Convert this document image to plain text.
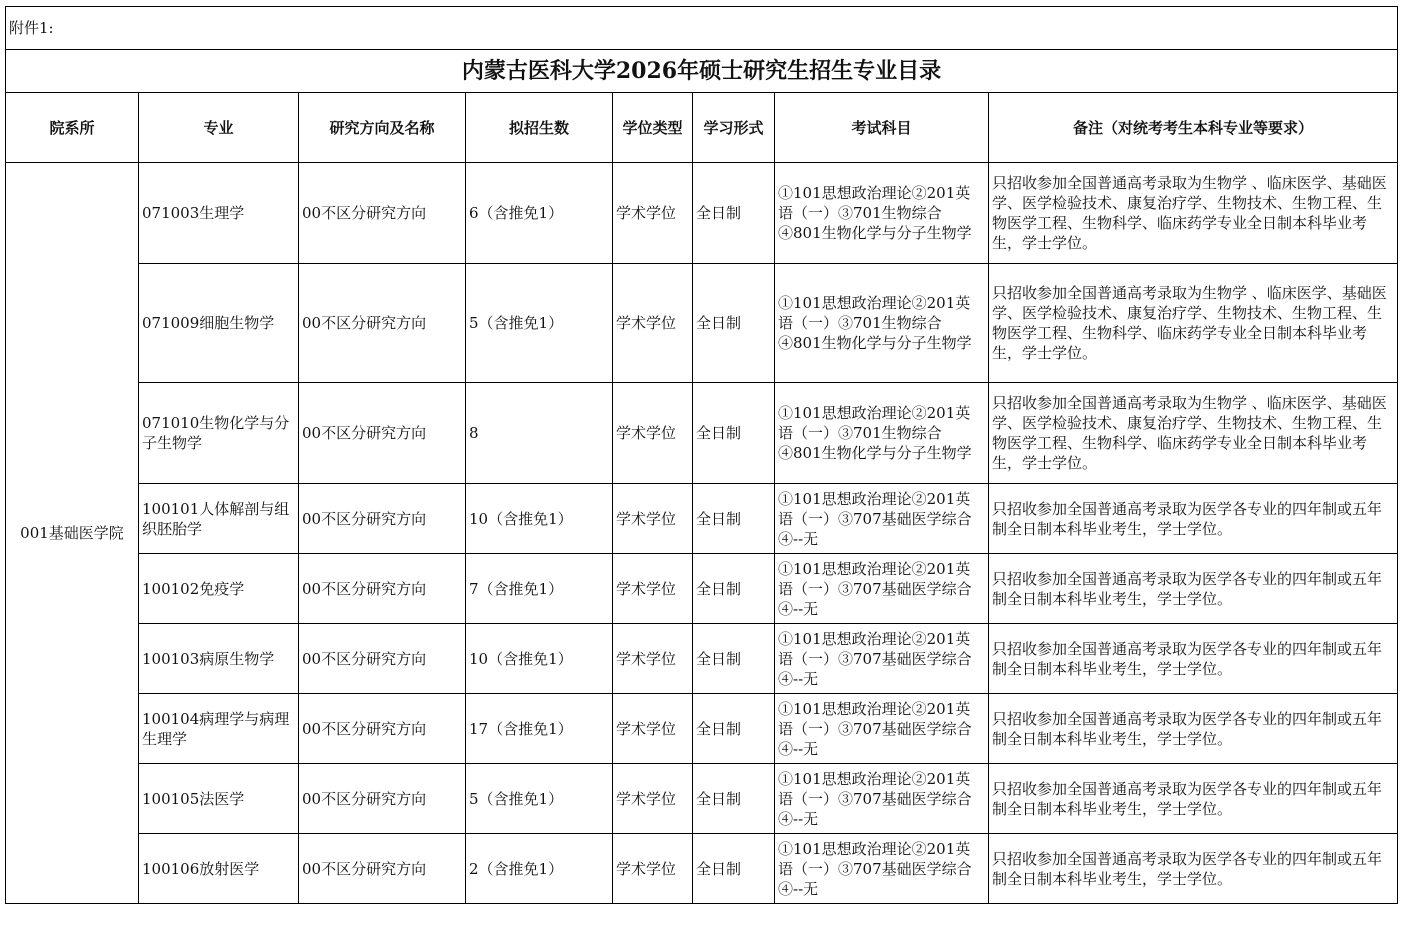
附件1:							
内蒙古医科大学2026年硕士研究生招生专业目录							
院系所	专业	研究方向及名称	拟招生数	学位类型	学习形式	考试科目	备注（对统考考生本科专业等要求）
001基础医学院	071003生理学	00不区分研究方向	6（含推免1）	学术学位	全日制	①101思想政治理论②201英语（一）③701生物综合④801生物化学与分子生物学	只招收参加全国普通高考录取为生物学 、临床医学、基础医学、医学检验技术、康复治疗学、生物技术、生物工程、生物医学工程、生物科学、临床药学专业全日制本科毕业考生，学士学位。
	071009细胞生物学	00不区分研究方向	5（含推免1）	学术学位	全日制	①101思想政治理论②201英语（一）③701生物综合④801生物化学与分子生物学	只招收参加全国普通高考录取为生物学 、临床医学、基础医学、医学检验技术、康复治疗学、生物技术、生物工程、生物医学工程、生物科学、临床药学专业全日制本科毕业考生，学士学位。
	071010生物化学与分子生物学	00不区分研究方向	8	学术学位	全日制	①101思想政治理论②201英语（一）③701生物综合④801生物化学与分子生物学	只招收参加全国普通高考录取为生物学 、临床医学、基础医学、医学检验技术、康复治疗学、生物技术、生物工程、生物医学工程、生物科学、临床药学专业全日制本科毕业考生，学士学位。
	100101人体解剖与组织胚胎学	00不区分研究方向	10（含推免1）	学术学位	全日制	①101思想政治理论②201英语（一）③707基础医学综合④--无	只招收参加全国普通高考录取为医学各专业的四年制或五年制全日制本科毕业考生，学士学位。
	100102免疫学	00不区分研究方向	7（含推免1）	学术学位	全日制	①101思想政治理论②201英语（一）③707基础医学综合④--无	只招收参加全国普通高考录取为医学各专业的四年制或五年制全日制本科毕业考生，学士学位。
	100103病原生物学	00不区分研究方向	10（含推免1）	学术学位	全日制	①101思想政治理论②201英语（一）③707基础医学综合④--无	只招收参加全国普通高考录取为医学各专业的四年制或五年制全日制本科毕业考生，学士学位。
	100104病理学与病理生理学	00不区分研究方向	17（含推免1）	学术学位	全日制	①101思想政治理论②201英语（一）③707基础医学综合④--无	只招收参加全国普通高考录取为医学各专业的四年制或五年制全日制本科毕业考生，学士学位。
	100105法医学	00不区分研究方向	5（含推免1）	学术学位	全日制	①101思想政治理论②201英语（一）③707基础医学综合④--无	只招收参加全国普通高考录取为医学各专业的四年制或五年制全日制本科毕业考生，学士学位。
	100106放射医学	00不区分研究方向	2（含推免1）	学术学位	全日制	①101思想政治理论②201英语（一）③707基础医学综合④--无	只招收参加全国普通高考录取为医学各专业的四年制或五年制全日制本科毕业考生，学士学位。
